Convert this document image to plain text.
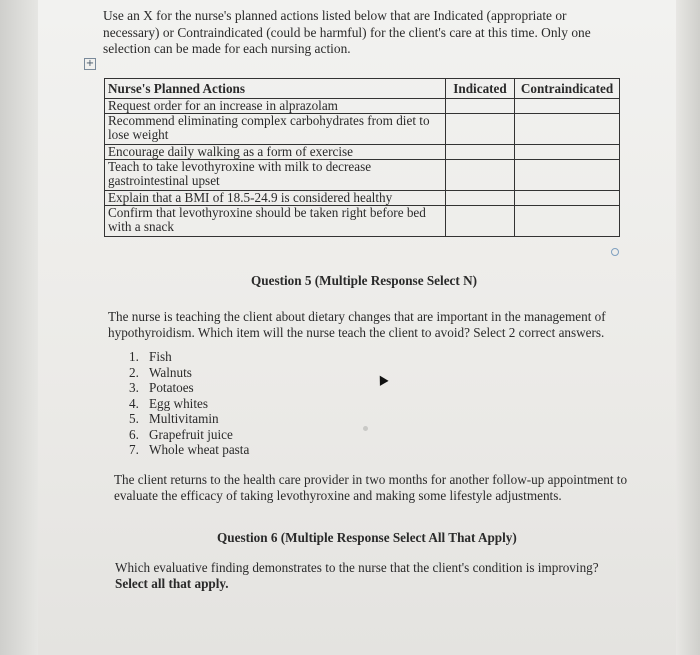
Use an X for the nurse's planned actions listed below that are Indicated (appropriate or
necessary) or Contraindicated (could be harmful) for the client's care at this time. Only one
selection can be made for each nursing action.
+
Nurse's Planned Actions	Indicated	Contraindicated
Request order for an increase in alprazolam		
Recommend eliminating complex carbohydrates from diet to lose weight		
Encourage daily walking as a form of exercise		
Teach to take levothyroxine with milk to decrease gastrointestinal upset		
Explain that a BMI of 18.5-24.9 is considered healthy		
Confirm that levothyroxine should be taken right before bed with a snack		
Question 5 (Multiple Response Select N)
The nurse is teaching the client about dietary changes that are important in the management of
hypothyroidism. Which item will the nurse teach the client to avoid? Select 2 correct answers.
1. Fish
2. Walnuts
3. Potatoes
4. Egg whites
5. Multivitamin
6. Grapefruit juice
7. Whole wheat pasta
The client returns to the health care provider in two months for another follow-up appointment to
evaluate the efficacy of taking levothyroxine and making some lifestyle adjustments.
Question 6 (Multiple Response Select All That Apply)
Which evaluative finding demonstrates to the nurse that the client's condition is improving?
Select all that apply.
